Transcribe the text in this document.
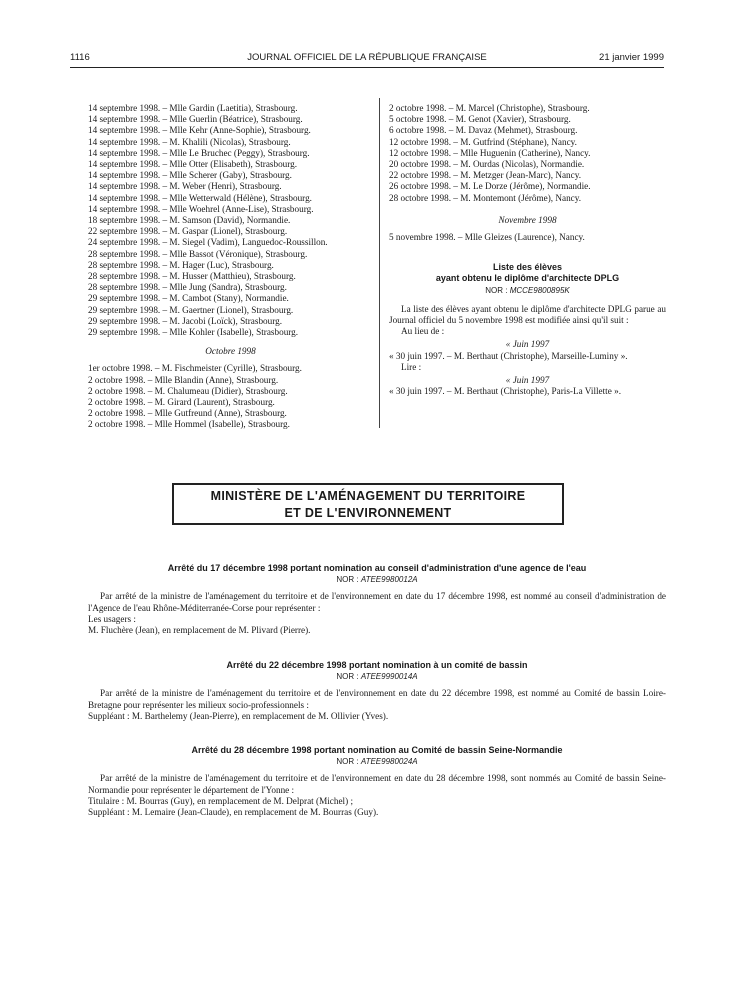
1116	JOURNAL OFFICIEL DE LA RÉPUBLIQUE FRANÇAISE	21 janvier 1999
14 septembre 1998. – Mlle Gardin (Laetitia), Strasbourg.
14 septembre 1998. – Mlle Guerlin (Béatrice), Strasbourg.
14 septembre 1998. – Mlle Kehr (Anne-Sophie), Strasbourg.
14 septembre 1998. – M. Khalili (Nicolas), Strasbourg.
14 septembre 1998. – Mlle Le Bruchec (Peggy), Strasbourg.
14 septembre 1998. – Mlle Otter (Elisabeth), Strasbourg.
14 septembre 1998. – Mlle Scherer (Gaby), Strasbourg.
14 septembre 1998. – M. Weber (Henri), Strasbourg.
14 septembre 1998. – Mlle Wetterwald (Hélène), Strasbourg.
14 septembre 1998. – Mlle Woehrel (Anne-Lise), Strasbourg.
18 septembre 1998. – M. Samson (David), Normandie.
22 septembre 1998. – M. Gaspar (Lionel), Strasbourg.
24 septembre 1998. – M. Siegel (Vadim), Languedoc-Roussillon.
28 septembre 1998. – Mlle Bassot (Véronique), Strasbourg.
28 septembre 1998. – M. Hager (Luc), Strasbourg.
28 septembre 1998. – M. Husser (Matthieu), Strasbourg.
28 septembre 1998. – Mlle Jung (Sandra), Strasbourg.
29 septembre 1998. – M. Cambot (Stany), Normandie.
29 septembre 1998. – M. Gaertner (Lionel), Strasbourg.
29 septembre 1998. – M. Jacobi (Loïck), Strasbourg.
29 septembre 1998. – Mlle Kohler (Isabelle), Strasbourg.
Octobre 1998
1er octobre 1998. – M. Fischmeister (Cyrille), Strasbourg.
2 octobre 1998. – Mlle Blandin (Anne), Strasbourg.
2 octobre 1998. – M. Chalumeau (Didier), Strasbourg.
2 octobre 1998. – M. Girard (Laurent), Strasbourg.
2 octobre 1998. – Mlle Gutfreund (Anne), Strasbourg.
2 octobre 1998. – Mlle Hommel (Isabelle), Strasbourg.
2 octobre 1998. – M. Marcel (Christophe), Strasbourg.
5 octobre 1998. – M. Genot (Xavier), Strasbourg.
6 octobre 1998. – M. Davaz (Mehmet), Strasbourg.
12 octobre 1998. – M. Gutfrind (Stéphane), Nancy.
12 octobre 1998. – Mlle Huguenin (Catherine), Nancy.
20 octobre 1998. – M. Ourdas (Nicolas), Normandie.
22 octobre 1998. – M. Metzger (Jean-Marc), Nancy.
26 octobre 1998. – M. Le Dorze (Jérôme), Normandie.
28 octobre 1998. – M. Montemont (Jérôme), Nancy.
Novembre 1998
5 novembre 1998. – Mlle Gleizes (Laurence), Nancy.
Liste des élèves
ayant obtenu le diplôme d'architecte DPLG
NOR : MCCE9800895K
La liste des élèves ayant obtenu le diplôme d'architecte DPLG parue au Journal officiel du 5 novembre 1998 est modifiée ainsi qu'il suit :
Au lieu de :
« Juin 1997
« 30 juin 1997. – M. Berthaut (Christophe), Marseille-Luminy ».
Lire :
« Juin 1997
« 30 juin 1997. – M. Berthaut (Christophe), Paris-La Villette ».
MINISTÈRE DE L'AMÉNAGEMENT DU TERRITOIRE
ET DE L'ENVIRONNEMENT
Arrêté du 17 décembre 1998 portant nomination au conseil d'administration d'une agence de l'eau
NOR : ATEE9980012A
Par arrêté de la ministre de l'aménagement du territoire et de l'environnement en date du 17 décembre 1998, est nommé au conseil d'administration de l'Agence de l'eau Rhône-Méditerranée-Corse pour représenter :
Les usagers :
M. Fluchère (Jean), en remplacement de M. Plivard (Pierre).
Arrêté du 22 décembre 1998 portant nomination à un comité de bassin
NOR : ATEE9990014A
Par arrêté de la ministre de l'aménagement du territoire et de l'environnement en date du 22 décembre 1998, est nommé au Comité de bassin Loire-Bretagne pour représenter les milieux socio-professionnels :
Suppléant : M. Barthelemy (Jean-Pierre), en remplacement de M. Ollivier (Yves).
Arrêté du 28 décembre 1998 portant nomination au Comité de bassin Seine-Normandie
NOR : ATEE9980024A
Par arrêté de la ministre de l'aménagement du territoire et de l'environnement en date du 28 décembre 1998, sont nommés au Comité de bassin Seine-Normandie pour représenter le département de l'Yonne :
Titulaire : M. Bourras (Guy), en remplacement de M. Delprat (Michel) ;
Suppléant : M. Lemaire (Jean-Claude), en remplacement de M. Bourras (Guy).
